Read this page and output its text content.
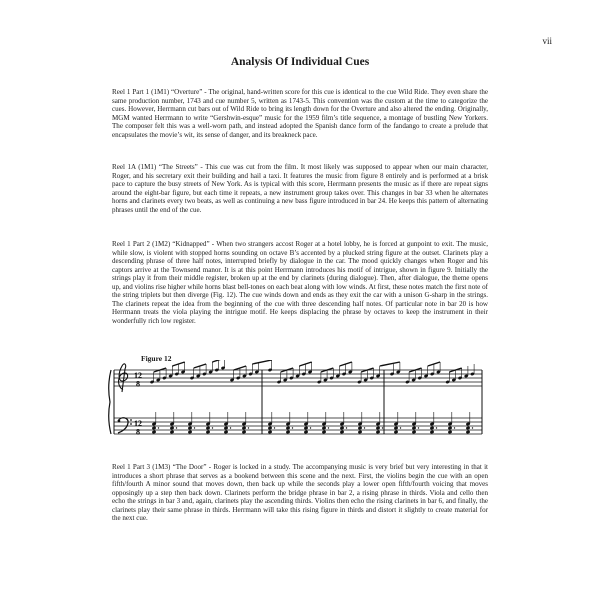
vii
Analysis Of Individual Cues

Reel 1 Part 1 (1M1) “Overture” - The original, hand-written score for this cue is identical to the cue Wild Ride. They even share the same production number, 1743 and cue number 5, written as 1743-5. This convention was the custom at the time to categorize the cues. However, Herrmann cut bars out of Wild Ride to bring its length down for the Overture and also altered the ending. Originally, MGM wanted Herrmann to write “Gershwin-esque” music for the 1959 film’s title sequence, a montage of bustling New Yorkers. The composer felt this was a well-worn path, and instead adopted the Spanish dance form of the fandango to create a prelude that encapsulates the movie’s wit, its sense of danger, and its breakneck pace.

Reel 1A (1M1) “The Streets” - This cue was cut from the film. It most likely was supposed to appear when our main character, Roger, and his secretary exit their building and hail a taxi. It features the music from figure 8 entirely and is performed at a brisk pace to capture the busy streets of New York. As is typical with this score, Herrmann presents the music as if there are repeat signs around the eight-bar figure, but each time it repeats, a new instrument group takes over. This changes in bar 33 when he alternates horns and clarinets every two beats, as well as continuing a new bass figure introduced in bar 24. He keeps this pattern of alternating phrases until the end of the cue.

Reel 1 Part 2 (1M2) “Kidnapped” - When two strangers accost Roger at a hotel lobby, he is forced at gunpoint to exit. The music, while slow, is violent with stopped horns sounding on octave B’s accented by a plucked string figure at the outset. Clarinets play a descending phrase of three half notes, interrupted briefly by dialogue in the car. The mood quickly changes when Roger and his captors arrive at the Townsend manor. It is at this point Herrmann introduces his motif of intrigue, shown in figure 9. Initially the strings play it from their middle register, broken up at the end by clarinets (during dialogue). Then, after dialogue, the theme opens up, and violins rise higher while horns blast bell-tones on each beat along with low winds. At first, these notes match the first note of the string triplets but then diverge (Fig. 12). The cue winds down and ends as they exit the car with a unison G-sharp in the strings. The clarinets repeat the idea from the beginning of the cue with three descending half notes. Of particular note in bar 20 is how Herrmann treats the viola playing the intrigue motif. He keeps displacing the phrase by octaves to keep the instrument in their wonderfully rich low register.

Figure 12
12
8
12
8

Reel 1 Part 3 (1M3) “The Door” - Roger is locked in a study. The accompanying music is very brief but very interesting in that it introduces a short phrase that serves as a bookend between this scene and the next. First, the violins begin the cue with an open fifth/fourth A minor sound that moves down, then back up while the seconds play a lower open fifth/fourth voicing that moves opposingly up a step then back down. Clarinets perform the bridge phrase in bar 2, a rising phrase in thirds. Viola and cello then echo the strings in bar 3 and, again, clarinets play the ascending thirds. Violins then echo the rising clarinets in bar 6, and finally, the clarinets play their same phrase in thirds. Herrmann will take this rising figure in thirds and distort it slightly to create material for the next cue.
